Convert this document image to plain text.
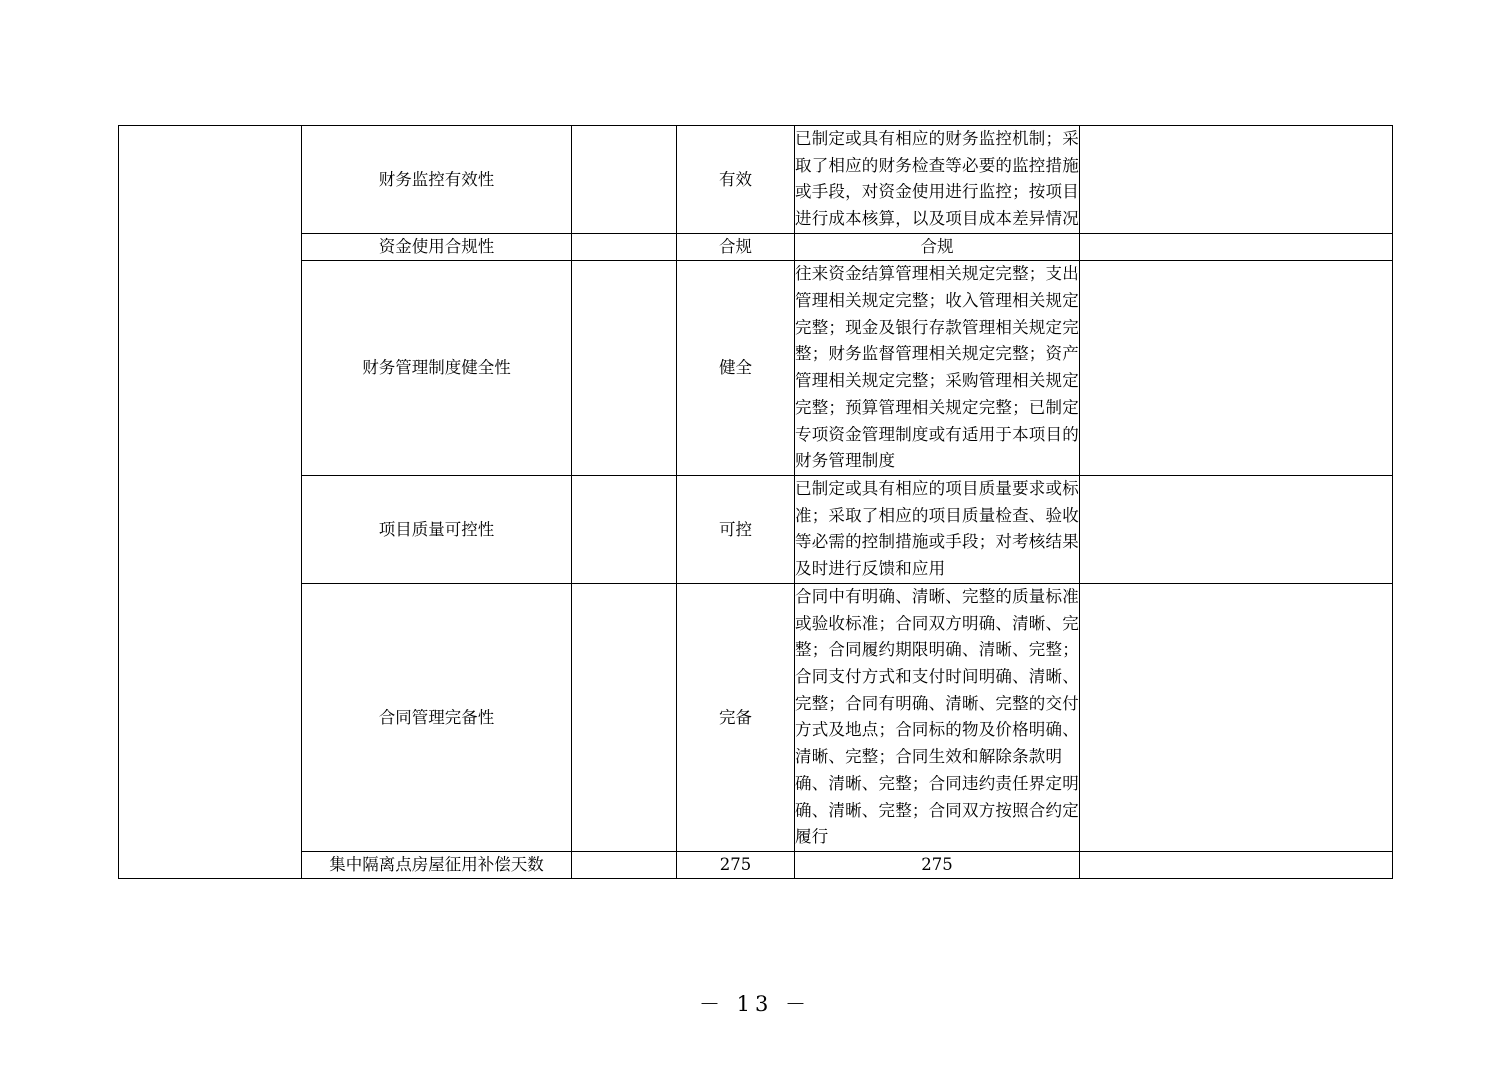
	财务监控有效性		有效	已制定或具有相应的财务监控机制；采取了相应的财务检查等必要的监控措施或手段，对资金使用进行监控；按项目进行成本核算，以及项目成本差异情况	
	资金使用合规性		合规	合规	
	财务管理制度健全性		健全	往来资金结算管理相关规定完整；支出管理相关规定完整；收入管理相关规定完整；现金及银行存款管理相关规定完整；财务监督管理相关规定完整；资产管理相关规定完整；采购管理相关规定完整；预算管理相关规定完整；已制定专项资金管理制度或有适用于本项目的财务管理制度	
	项目质量可控性		可控	已制定或具有相应的项目质量要求或标准；采取了相应的项目质量检查、验收等必需的控制措施或手段；对考核结果及时进行反馈和应用	
	合同管理完备性		完备	合同中有明确、清晰、完整的质量标准或验收标准；合同双方明确、清晰、完整；合同履约期限明确、清晰、完整；合同支付方式和支付时间明确、清晰、完整；合同有明确、清晰、完整的交付方式及地点；合同标的物及价格明确、清晰、完整；合同生效和解除条款明确、清晰、完整；合同违约责任界定明确、清晰、完整；合同双方按照合约定履行	
	集中隔离点房屋征用补偿天数		275	275	
－ 13 －
